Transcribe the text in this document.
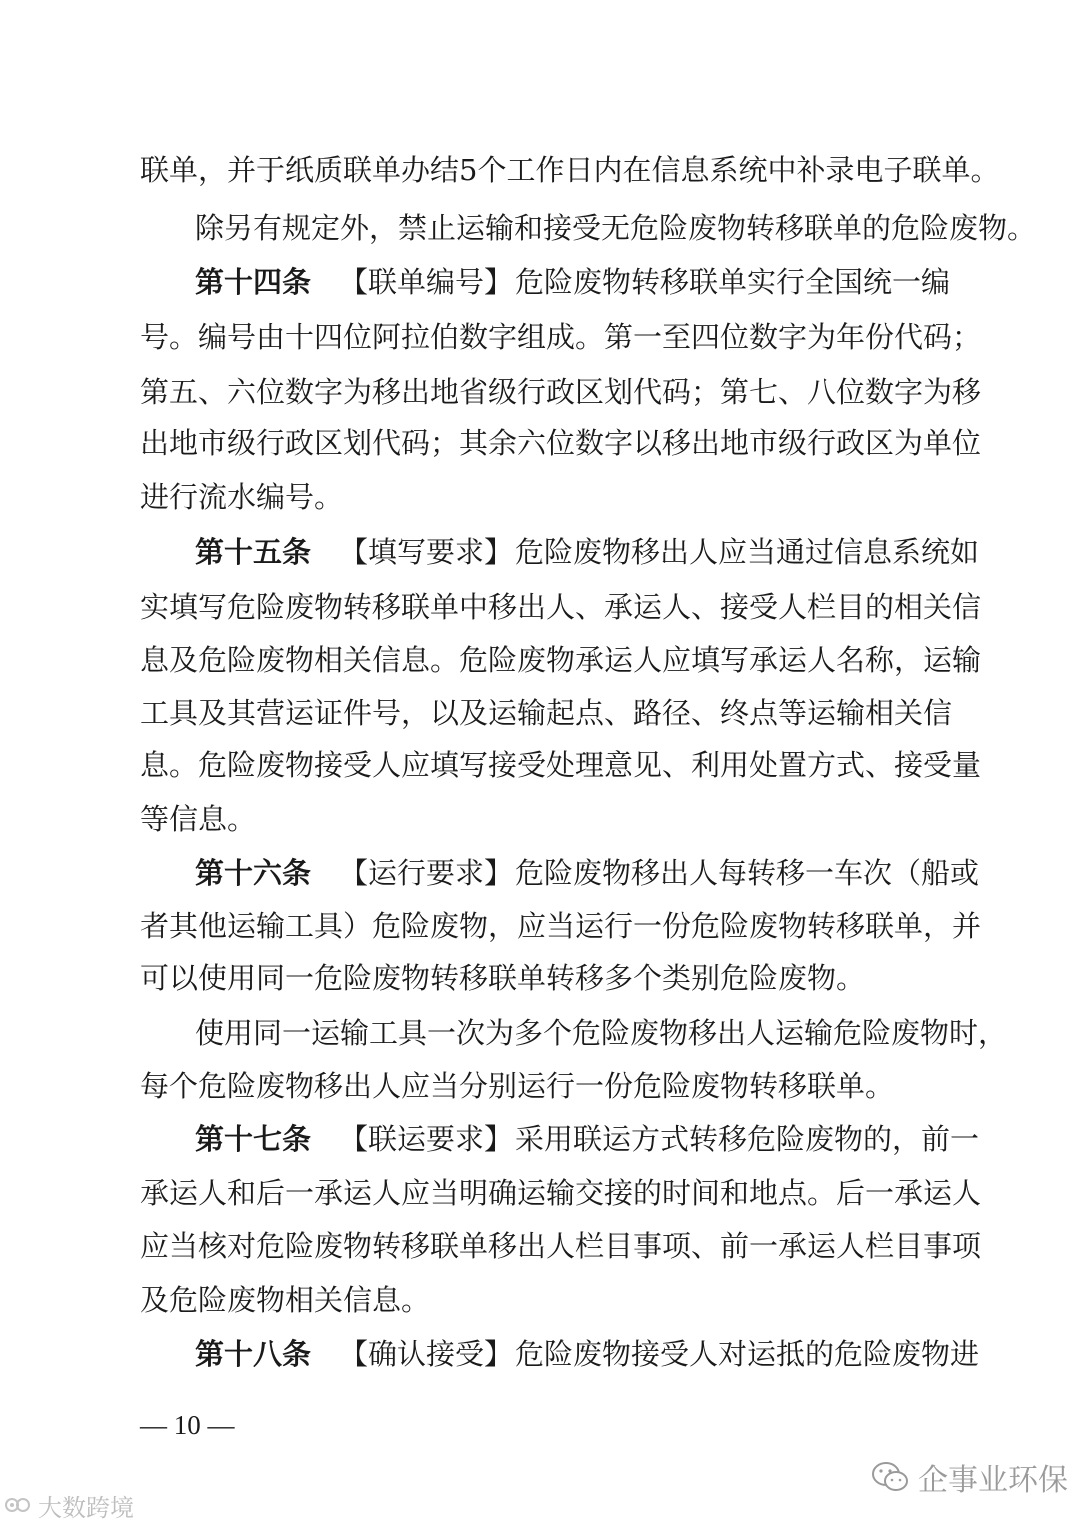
联单，并于纸质联单办结5个工作日内在信息系统中补录电子联单。
除另有规定外，禁止运输和接受无危险废物转移联单的危险废物。
第十四条 【联单编号】危险废物转移联单实行全国统一编
号。编号由十四位阿拉伯数字组成。第一至四位数字为年份代码；
第五、六位数字为移出地省级行政区划代码；第七、八位数字为移
出地市级行政区划代码；其余六位数字以移出地市级行政区为单位
进行流水编号。
第十五条 【填写要求】危险废物移出人应当通过信息系统如
实填写危险废物转移联单中移出人、承运人、接受人栏目的相关信
息及危险废物相关信息。危险废物承运人应填写承运人名称，运输
工具及其营运证件号，以及运输起点、路径、终点等运输相关信
息。危险废物接受人应填写接受处理意见、利用处置方式、接受量
等信息。
第十六条 【运行要求】危险废物移出人每转移一车次（船或
者其他运输工具）危险废物，应当运行一份危险废物转移联单，并
可以使用同一危险废物转移联单转移多个类别危险废物。
使用同一运输工具一次为多个危险废物移出人运输危险废物时，
每个危险废物移出人应当分别运行一份危险废物转移联单。
第十七条 【联运要求】采用联运方式转移危险废物的，前一
承运人和后一承运人应当明确运输交接的时间和地点。后一承运人
应当核对危险废物转移联单移出人栏目事项、前一承运人栏目事项
及危险废物相关信息。
第十八条 【确认接受】危险废物接受人对运抵的危险废物进
— 10 —
企事业环保
大数跨境
